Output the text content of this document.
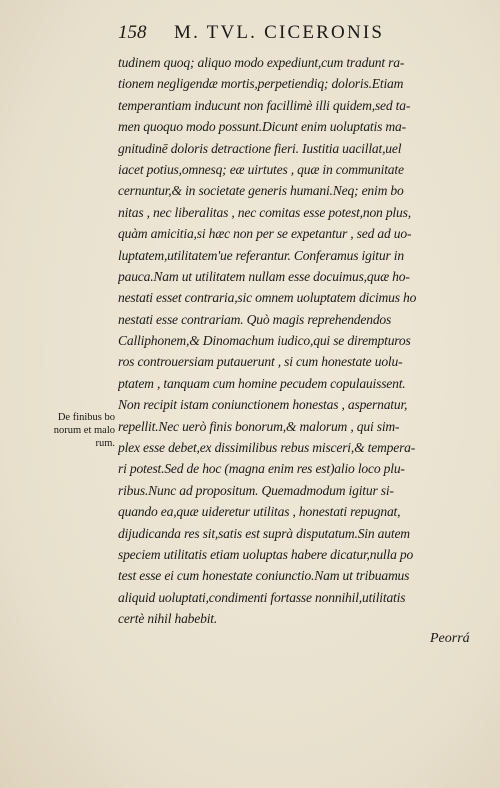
158 M. TVL. CICERONIS
tudinem quoq; aliquo modo expediunt,cum tradunt ra-
tionem negligendæ mortis,perpetiendiq; doloris.Etiam
temperantiam inducunt non facillimè illi quidem,sed ta-
men quoquo modo possunt.Dicunt enim uoluptatis ma-
gnitudinē doloris detractione fieri. Iustitia uacillat,uel
iacet potius,omnesq; eæ uirtutes , quæ in communitate
cernuntur,& in societate generis humani.Neq; enim bo
nitas , nec liberalitas , nec comitas esse potest,non plus,
quàm amicitia,si hæc non per se expetantur , sed ad uo-
luptatem,utilitatem'ue referantur. Conferamus igitur in
pauca.Nam ut utilitatem nullam esse docuimus,quæ ho-
nestati esset contraria,sic omnem uoluptatem dicimus ho
nestati esse contrariam. Quò magis reprehendendos
Calliphonem,& Dinomachum iudico,qui se dirempturos
ros controuersiam putauerunt , si cum honestate uolu-
ptatem , tanquam cum homine pecudem copulauissent.
Non recipit istam coniunctionem honestas , aspernatur,
repellit.Nec uerò finis bonorum,& malorum , qui sim-
plex esse debet,ex dissimilibus rebus misceri,& tempera-
ri potest.Sed de hoc (magna enim res est)alio loco plu-
ribus.Nunc ad propositum. Quemadmodum igitur si-
quando ea,quæ uideretur utilitas , honestati repugnat,
dijudicanda res sit,satis est suprà disputatum.Sin autem
speciem utilitatis etiam uoluptas habere dicatur,nulla po
test esse ei cum honestate coniunctio.Nam ut tribuamus
aliquid uoluptati,condimenti fortasse nonnihil,utilitatis
certè nihil habebit.
De finibus bo
norum et malo
rum.
Peorrá
